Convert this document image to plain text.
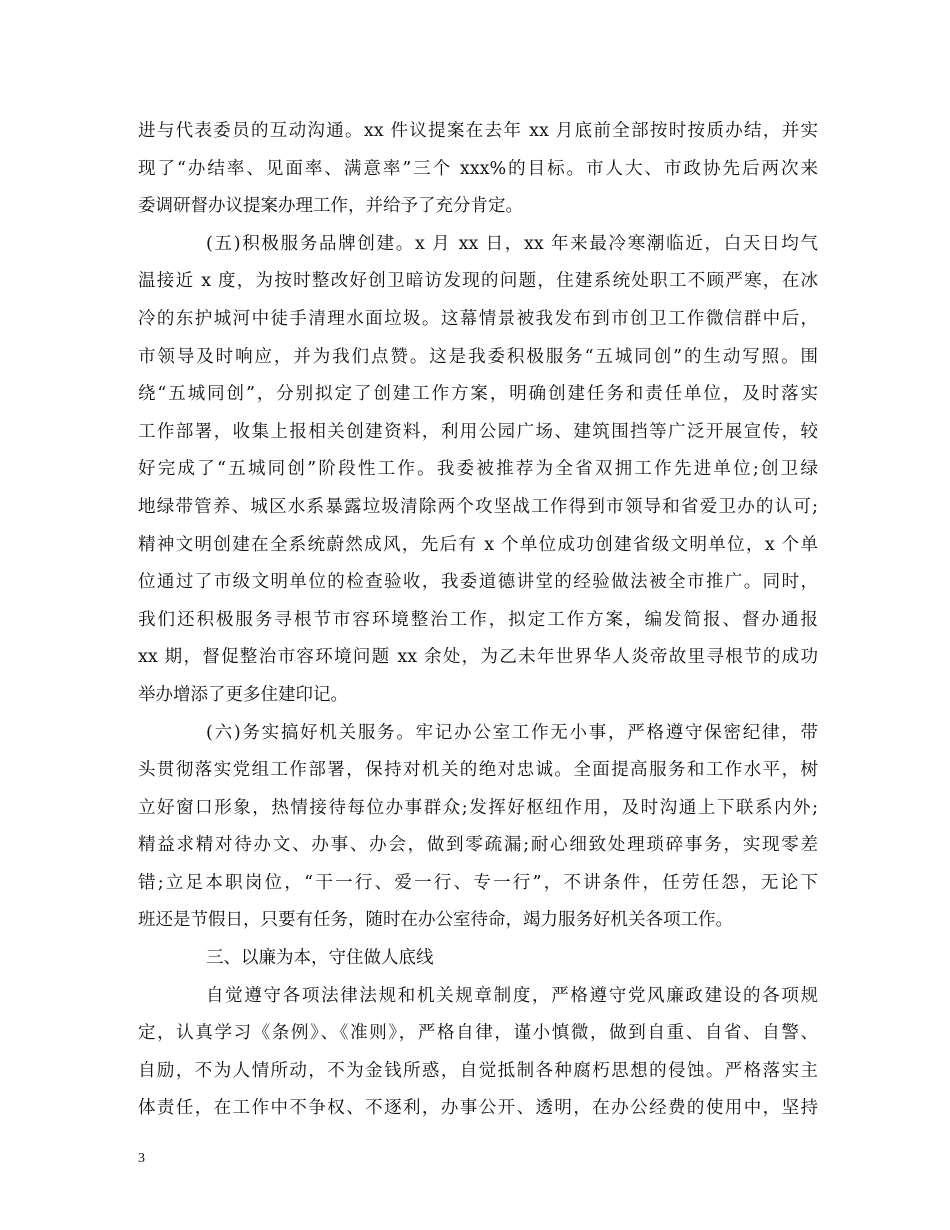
进与代表委员的互动沟通。xx 件议提案在去年 xx 月底前全部按时按质办结，并实

现了“办结率、见面率、满意率”三个 xxx%的目标。市人大、市政协先后两次来

委调研督办议提案办理工作，并给予了充分肯定。

(五)积极服务品牌创建。x 月 xx 日，xx 年来最冷寒潮临近，白天日均气

温接近 x 度，为按时整改好创卫暗访发现的问题，住建系统处职工不顾严寒，在冰

冷的东护城河中徒手清理水面垃圾。这幕情景被我发布到市创卫工作微信群中后，

市领导及时响应，并为我们点赞。这是我委积极服务“五城同创”的生动写照。围

绕“五城同创”，分别拟定了创建工作方案，明确创建任务和责任单位，及时落实

工作部署，收集上报相关创建资料，利用公园广场、建筑围挡等广泛开展宣传，较

好完成了“五城同创”阶段性工作。我委被推荐为全省双拥工作先进单位;创卫绿

地绿带管养、城区水系暴露垃圾清除两个攻坚战工作得到市领导和省爱卫办的认可;

精神文明创建在全系统蔚然成风，先后有 x 个单位成功创建省级文明单位，x 个单

位通过了市级文明单位的检查验收，我委道德讲堂的经验做法被全市推广。同时，

我们还积极服务寻根节市容环境整治工作，拟定工作方案，编发简报、督办通报

xx 期，督促整治市容环境问题 xx 余处，为乙未年世界华人炎帝故里寻根节的成功

举办增添了更多住建印记。

(六)务实搞好机关服务。牢记办公室工作无小事，严格遵守保密纪律，带

头贯彻落实党组工作部署，保持对机关的绝对忠诚。全面提高服务和工作水平，树

立好窗口形象，热情接待每位办事群众;发挥好枢纽作用，及时沟通上下联系内外;

精益求精对待办文、办事、办会，做到零疏漏;耐心细致处理琐碎事务，实现零差

错;立足本职岗位，“干一行、爱一行、专一行”，不讲条件，任劳任怨，无论下

班还是节假日，只要有任务，随时在办公室待命，竭力服务好机关各项工作。

三、以廉为本，守住做人底线

自觉遵守各项法律法规和机关规章制度，严格遵守党风廉政建设的各项规

定，认真学习《条例》、《准则》，严格自律，谨小慎微，做到自重、自省、自警、

自励，不为人情所动，不为金钱所惑，自觉抵制各种腐朽思想的侵蚀。严格落实主

体责任，在工作中不争权、不逐利，办事公开、透明，在办公经费的使用中，坚持

3
